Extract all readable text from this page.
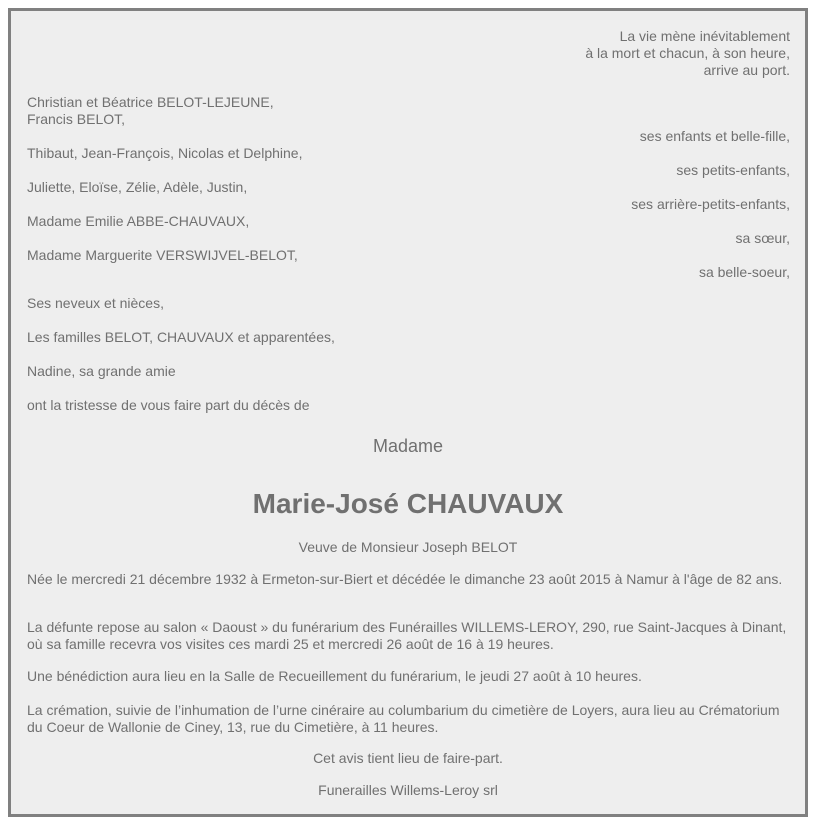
La vie mène inévitablement
à la mort et chacun, à son heure,
arrive au port.
Christian et Béatrice BELOT-LEJEUNE,
Francis BELOT,
ses enfants et belle-fille,
Thibaut, Jean-François, Nicolas et Delphine,
ses petits-enfants,
Juliette, Eloïse, Zélie, Adèle, Justin,
ses arrière-petits-enfants,
Madame Emilie ABBE-CHAUVAUX,
sa sœur,
Madame Marguerite VERSWIJVEL-BELOT,
sa belle-soeur,
Ses neveux et nièces,
Les familles BELOT, CHAUVAUX et apparentées,
Nadine, sa grande amie
ont la tristesse de vous faire part du décès de
Madame
Marie-José CHAUVAUX
Veuve de Monsieur Joseph BELOT
Née le mercredi 21 décembre 1932 à Ermeton-sur-Biert et décédée le dimanche 23 août 2015 à Namur à l'âge de 82 ans.
La défunte repose au salon « Daoust » du funérarium des Funérailles WILLEMS-LEROY, 290, rue Saint-Jacques à Dinant, où sa famille recevra vos visites ces mardi 25 et mercredi 26 août de 16 à 19 heures.
Une bénédiction aura lieu en la Salle de Recueillement du funérarium, le jeudi 27 août à 10 heures.
La crémation, suivie de l’inhumation de l’urne cinéraire au columbarium du cimetière de Loyers, aura lieu au Crématorium du Coeur de Wallonie de Ciney, 13, rue du Cimetière, à 11 heures.
Cet avis tient lieu de faire-part.
Funerailles Willems-Leroy srl
